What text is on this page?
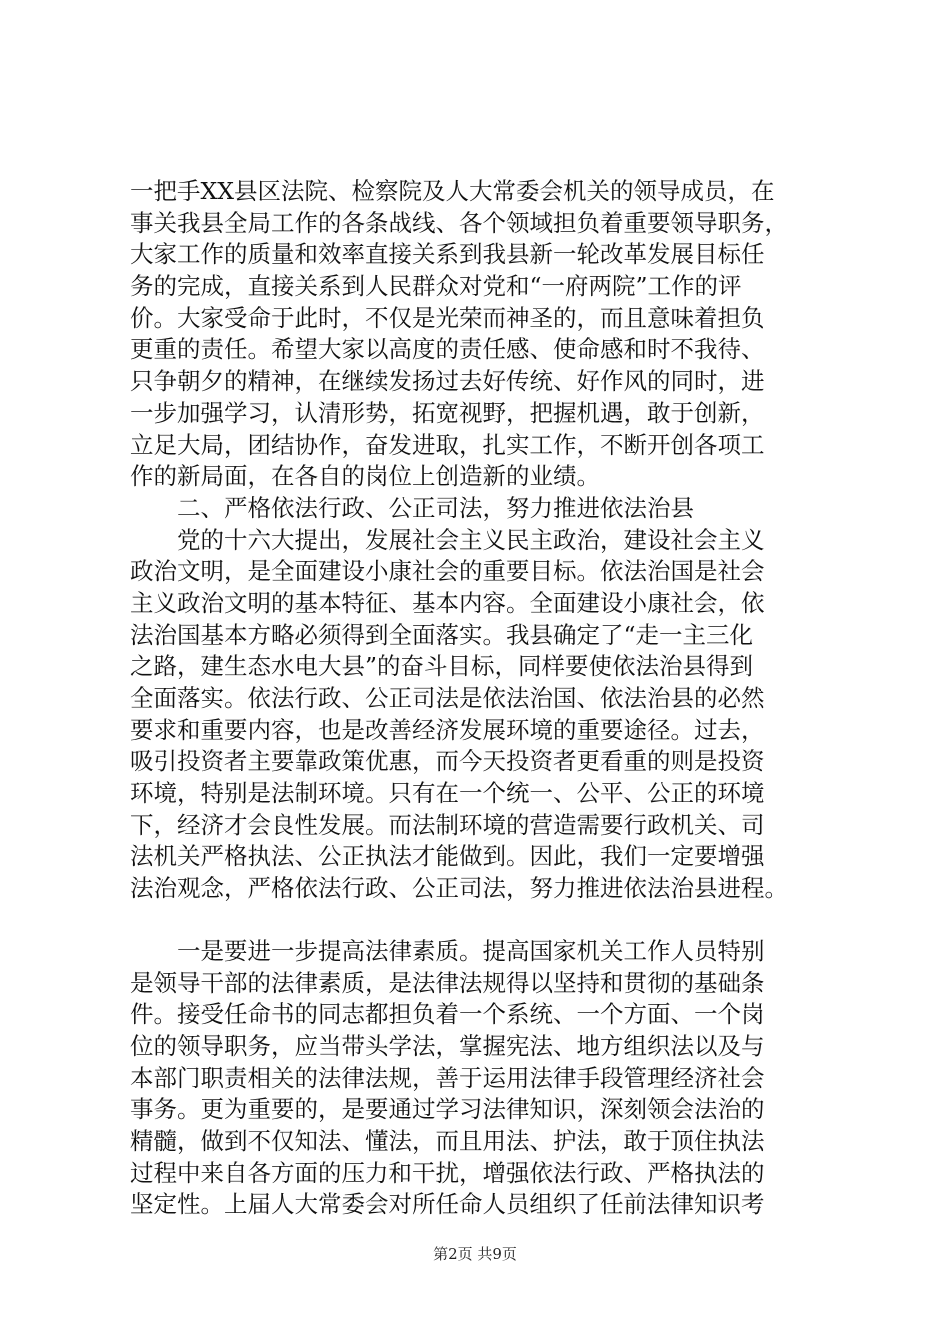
一把手XX县区法院、检察院及人大常委会机关的领导成员，在
事关我县全局工作的各条战线、各个领域担负着重要领导职务，
大家工作的质量和效率直接关系到我县新一轮改革发展目标任
务的完成，直接关系到人民群众对党和“一府两院”工作的评
价。大家受命于此时，不仅是光荣而神圣的，而且意味着担负
更重的责任。希望大家以高度的责任感、使命感和时不我待、
只争朝夕的精神，在继续发扬过去好传统、好作风的同时，进
一步加强学习，认清形势，拓宽视野，把握机遇，敢于创新，
立足大局，团结协作，奋发进取，扎实工作，不断开创各项工
作的新局面，在各自的岗位上创造新的业绩。
二、严格依法行政、公正司法，努力推进依法治县
党的十六大提出，发展社会主义民主政治，建设社会主义
政治文明，是全面建设小康社会的重要目标。依法治国是社会
主义政治文明的基本特征、基本内容。全面建设小康社会，依
法治国基本方略必须得到全面落实。我县确定了“走一主三化
之路，建生态水电大县”的奋斗目标，同样要使依法治县得到
全面落实。依法行政、公正司法是依法治国、依法治县的必然
要求和重要内容，也是改善经济发展环境的重要途径。过去，
吸引投资者主要靠政策优惠，而今天投资者更看重的则是投资
环境，特别是法制环境。只有在一个统一、公平、公正的环境
下，经济才会良性发展。而法制环境的营造需要行政机关、司
法机关严格执法、公正执法才能做到。因此，我们一定要增强
法治观念，严格依法行政、公正司法，努力推进依法治县进程。
一是要进一步提高法律素质。提高国家机关工作人员特别
是领导干部的法律素质，是法律法规得以坚持和贯彻的基础条
件。接受任命书的同志都担负着一个系统、一个方面、一个岗
位的领导职务，应当带头学法，掌握宪法、地方组织法以及与
本部门职责相关的法律法规，善于运用法律手段管理经济社会
事务。更为重要的，是要通过学习法律知识，深刻领会法治的
精髓，做到不仅知法、懂法，而且用法、护法，敢于顶住执法
过程中来自各方面的压力和干扰，增强依法行政、严格执法的
坚定性。上届人大常委会对所任命人员组织了任前法律知识考
第2页 共9页
